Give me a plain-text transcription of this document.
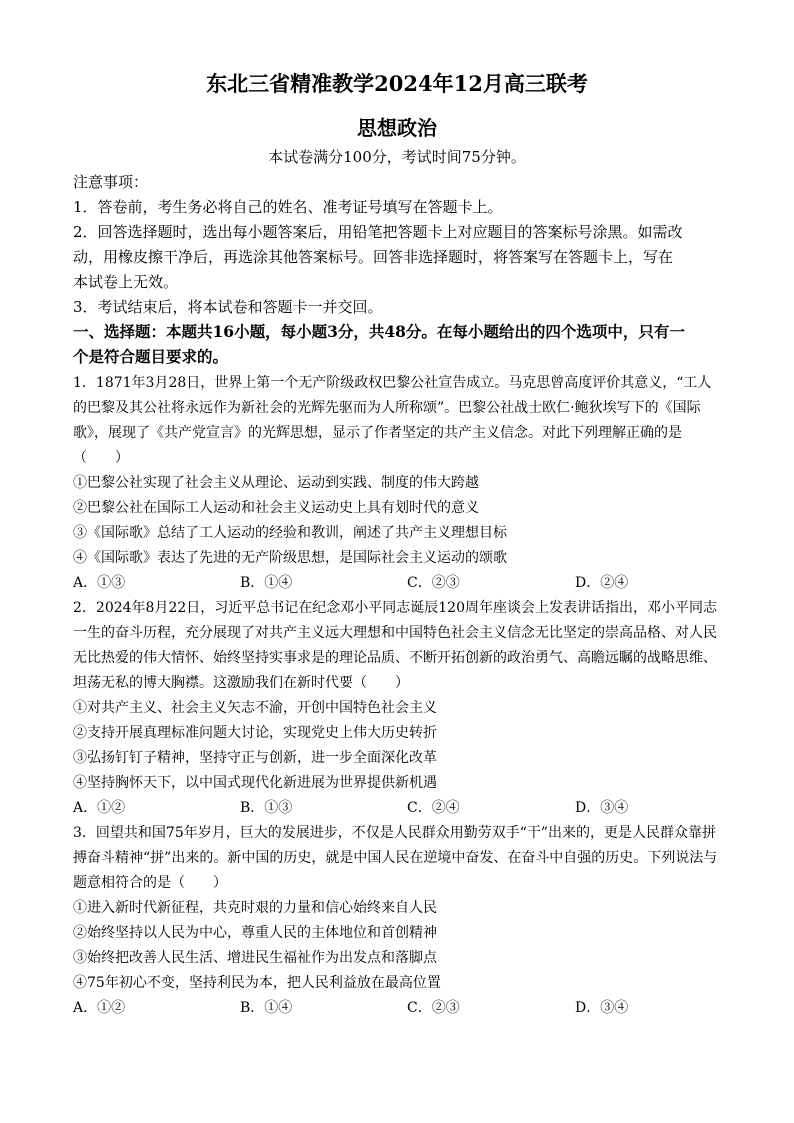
东北三省精准教学2024年12月高三联考
思想政治
本试卷满分100分，考试时间75分钟。
注意事项：
1．答卷前，考生务必将自己的姓名、准考证号填写在答题卡上。
2．回答选择题时，选出每小题答案后，用铅笔把答题卡上对应题目的答案标号涂黑。如需改
动，用橡皮擦干净后，再选涂其他答案标号。回答非选择题时，将答案写在答题卡上，写在
本试卷上无效。
3．考试结束后，将本试卷和答题卡一并交回。
一、选择题：本题共16小题，每小题3分，共48分。在每小题给出的四个选项中，只有一
个是符合题目要求的。
1．1871年3月28日，世界上第一个无产阶级政权巴黎公社宣告成立。马克思曾高度评价其意义，“工人
的巴黎及其公社将永远作为新社会的光辉先驱而为人所称颂”。巴黎公社战士欧仁·鲍狄埃写下的《国际
歌》，展现了《共产党宣言》的光辉思想，显示了作者坚定的共产主义信念。对此下列理解正确的是
（　　）
①巴黎公社实现了社会主义从理论、运动到实践、制度的伟大跨越
②巴黎公社在国际工人运动和社会主义运动史上具有划时代的意义
③《国际歌》总结了工人运动的经验和教训，阐述了共产主义理想目标
④《国际歌》表达了先进的无产阶级思想，是国际社会主义运动的颂歌
A．①③	B．①④	C．②③	D．②④
2．2024年8月22日，习近平总书记在纪念邓小平同志诞辰120周年座谈会上发表讲话指出，邓小平同志
一生的奋斗历程，充分展现了对共产主义远大理想和中国特色社会主义信念无比坚定的崇高品格、对人民
无比热爱的伟大情怀、始终坚持实事求是的理论品质、不断开拓创新的政治勇气、高瞻远瞩的战略思维、
坦荡无私的博大胸襟。这激励我们在新时代要（　　）
①对共产主义、社会主义矢志不渝，开创中国特色社会主义
②支持开展真理标准问题大讨论，实现党史上伟大历史转折
③弘扬钉钉子精神，坚持守正与创新，进一步全面深化改革
④坚持胸怀天下，以中国式现代化新进展为世界提供新机遇
A．①②	B．①③	C．②④	D．③④
3．回望共和国75年岁月，巨大的发展进步，不仅是人民群众用勤劳双手“干”出来的，更是人民群众靠拼
搏奋斗精神“拼”出来的。新中国的历史，就是中国人民在逆境中奋发、在奋斗中自强的历史。下列说法与
题意相符合的是（　　）
①进入新时代新征程，共克时艰的力量和信心始终来自人民
②始终坚持以人民为中心，尊重人民的主体地位和首创精神
③始终把改善人民生活、增进民生福祉作为出发点和落脚点
④75年初心不变，坚持利民为本，把人民利益放在最高位置
A．①②	B．①④	C．②③	D．③④
